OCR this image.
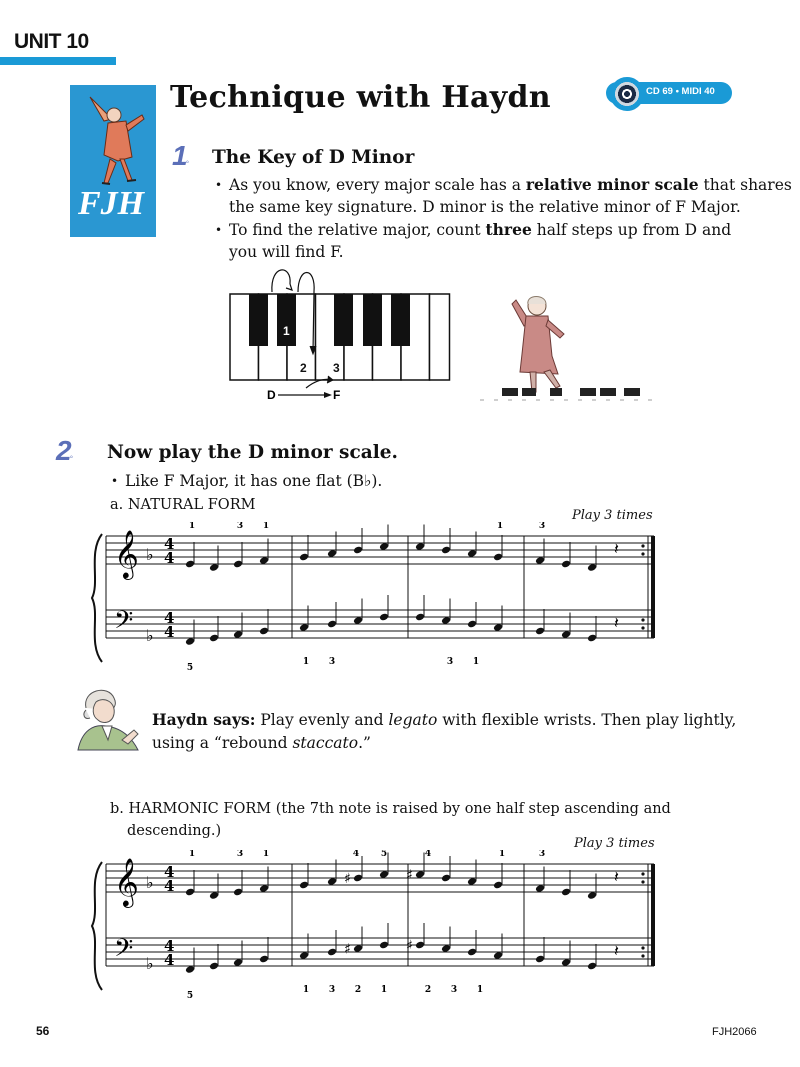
UNIT 10
FJH
Technique with Haydn	CD 69 • MIDI 40
1◦ The Key of D Minor
• As you know, every major scale has a relative minor scale that shares
the same key signature. D minor is the relative minor of F Major.
• To find the relative major, count three half steps up from D and
you will find F.
1
2 3
D	F
2◦ Now play the D minor scale.
• Like F Major, it has one flat (B♭).
a. NATURAL FORM
Play 3 times
𝄞
𝄢
♭
♭
4
4
4
4
𝄽
𝄽
1	3 1	1	3
5
1 3	3 1
Haydn says: Play evenly and legato with flexible wrists. Then play lightly,
using a “rebound staccato.”
b. HARMONIC FORM (the 7th note is raised by one half step ascending and
descending.)
Play 3 times
𝄞
𝄢
♭
♭
4
4
4
4
♯
♯
♯
♯
𝄽
𝄽
1	3 1	4 5	4	1	3
5
1 3 2 1	2 3 1
56	FJH2066
